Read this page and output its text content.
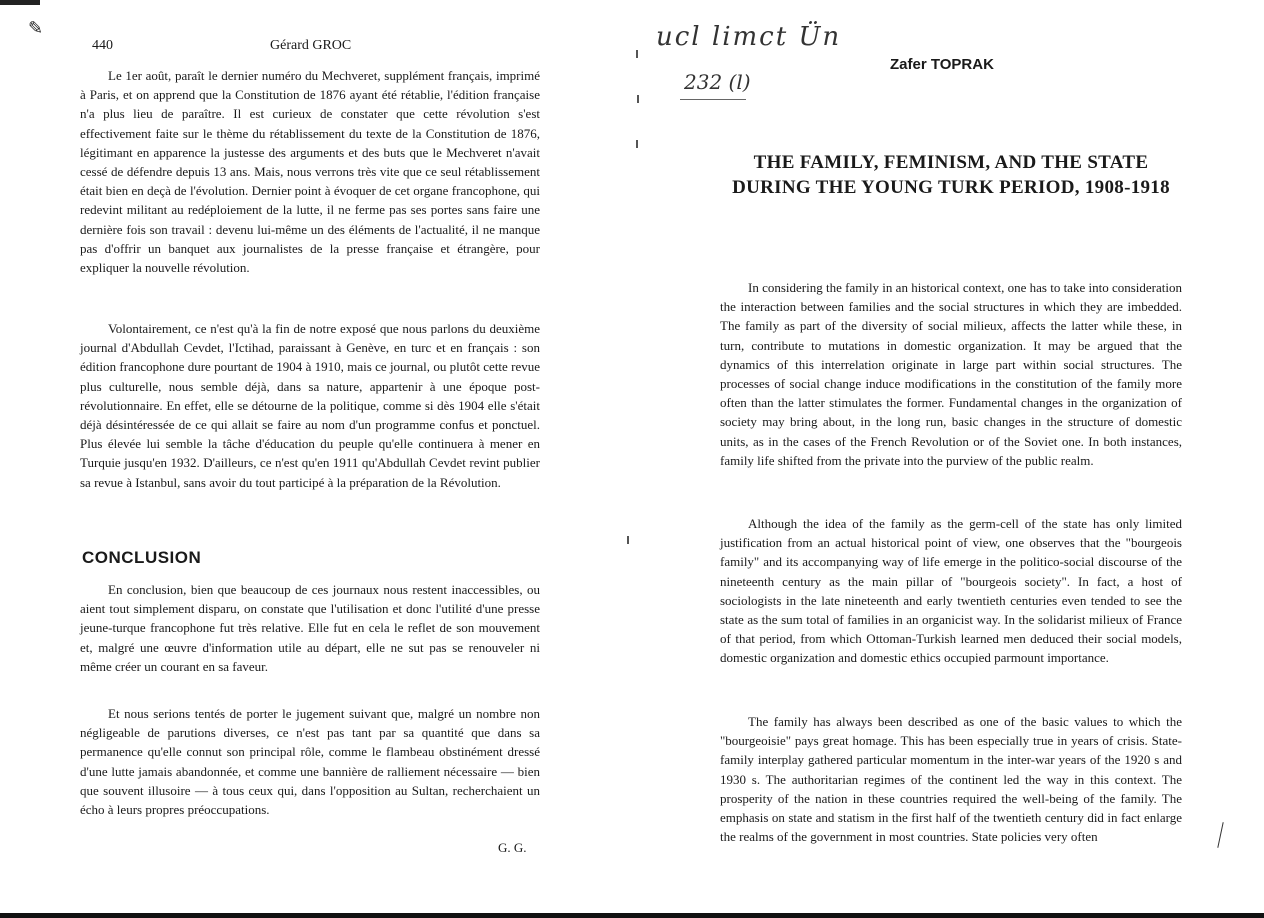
✎
440	Gérard GROC

Le 1er août, paraît le dernier numéro du Mechveret, supplément français, imprimé à Paris, et on apprend que la Constitution de 1876 ayant été rétablie, l'édition française n'a plus lieu de paraître. Il est curieux de constater que cette révolution s'est effectivement faite sur le thème du rétablissement du texte de la Constitution de 1876, légitimant en apparence la justesse des arguments et des buts que le Mechveret n'avait cessé de défendre depuis 13 ans. Mais, nous verrons très vite que ce seul rétablissement était bien en deçà de l'évolution. Dernier point à évoquer de cet organe francophone, qui redevint militant au redéploiement de la lutte, il ne ferme pas ses portes sans faire une dernière fois son travail : devenu lui-même un des éléments de l'actualité, il ne manque pas d'offrir un banquet aux journalistes de la presse française et étrangère, pour expliquer la nouvelle révolution.

Volontairement, ce n'est qu'à la fin de notre exposé que nous parlons du deuxième journal d'Abdullah Cevdet, l'Ictihad, paraissant à Genève, en turc et en français : son édition francophone dure pourtant de 1904 à 1910, mais ce journal, ou plutôt cette revue plus culturelle, nous semble déjà, dans sa nature, appartenir à une époque post-révolutionnaire. En effet, elle se détourne de la politique, comme si dès 1904 elle s'était déjà désintéressée de ce qui allait se faire au nom d'un programme confus et ponctuel. Plus élevée lui semble la tâche d'éducation du peuple qu'elle continuera à mener en Turquie jusqu'en 1932. D'ailleurs, ce n'est qu'en 1911 qu'Abdullah Cevdet revint publier sa revue à Istanbul, sans avoir du tout participé à la préparation de la Révolution.

CONCLUSION

En conclusion, bien que beaucoup de ces journaux nous restent inaccessibles, ou aient tout simplement disparu, on constate que l'utilisation et donc l'utilité d'une presse jeune-turque francophone fut très relative. Elle fut en cela le reflet de son mouvement et, malgré une œuvre d'information utile au départ, elle ne sut pas se renouveler ni même créer un courant en sa faveur.

Et nous serions tentés de porter le jugement suivant que, malgré un nombre non négligeable de parutions diverses, ce n'est pas tant par sa quantité que dans sa permanence qu'elle connut son principal rôle, comme le flambeau obstinément dressé d'une lutte jamais abandonnée, et comme une bannière de ralliement nécessaire — bien que souvent illusoire — à tous ceux qui, dans l'opposition au Sultan, recherchaient un écho à leurs propres préoccupations.

G. G.
ucl limct Ün
232 (l)
Zafer TOPRAK
THE FAMILY, FEMINISM, AND THE STATE
DURING THE YOUNG TURK PERIOD, 1908-1918

In considering the family in an historical context, one has to take into consideration the interaction between families and the social structures in which they are imbedded. The family as part of the diversity of social milieux, affects the latter while these, in turn, contribute to mutations in domestic organization. It may be argued that the dynamics of this interrelation originate in large part within social structures. The processes of social change induce modifications in the constitution of the family more often than the latter stimulates the former. Fundamental changes in the organization of society may bring about, in the long run, basic changes in the structure of domestic units, as in the cases of the French Revolution or of the Soviet one. In both instances, family life shifted from the private into the purview of the public realm.

Although the idea of the family as the germ-cell of the state has only limited justification from an actual historical point of view, one observes that the "bourgeois family" and its accompanying way of life emerge in the politico-social discourse of the nineteenth century as the main pillar of "bourgeois society". In fact, a host of sociologists in the late nineteenth and early twentieth centuries even tended to see the state as the sum total of families in an organicist way. In the solidarist milieux of France of that period, from which Ottoman-Turkish learned men deduced their social models, domestic organization and domestic ethics occupied parmount importance.

The family has always been described as one of the basic values to which the "bourgeoisie" pays great homage. This has been especially true in years of crisis. State-family interplay gathered particular momentum in the inter-war years of the 1920 s and 1930 s. The authoritarian regimes of the continent led the way in this context. The prosperity of the nation in these countries required the well-being of the family. The emphasis on state and statism in the first half of the twentieth century did in fact enlarge the realms of the government in most countries. State policies very often
